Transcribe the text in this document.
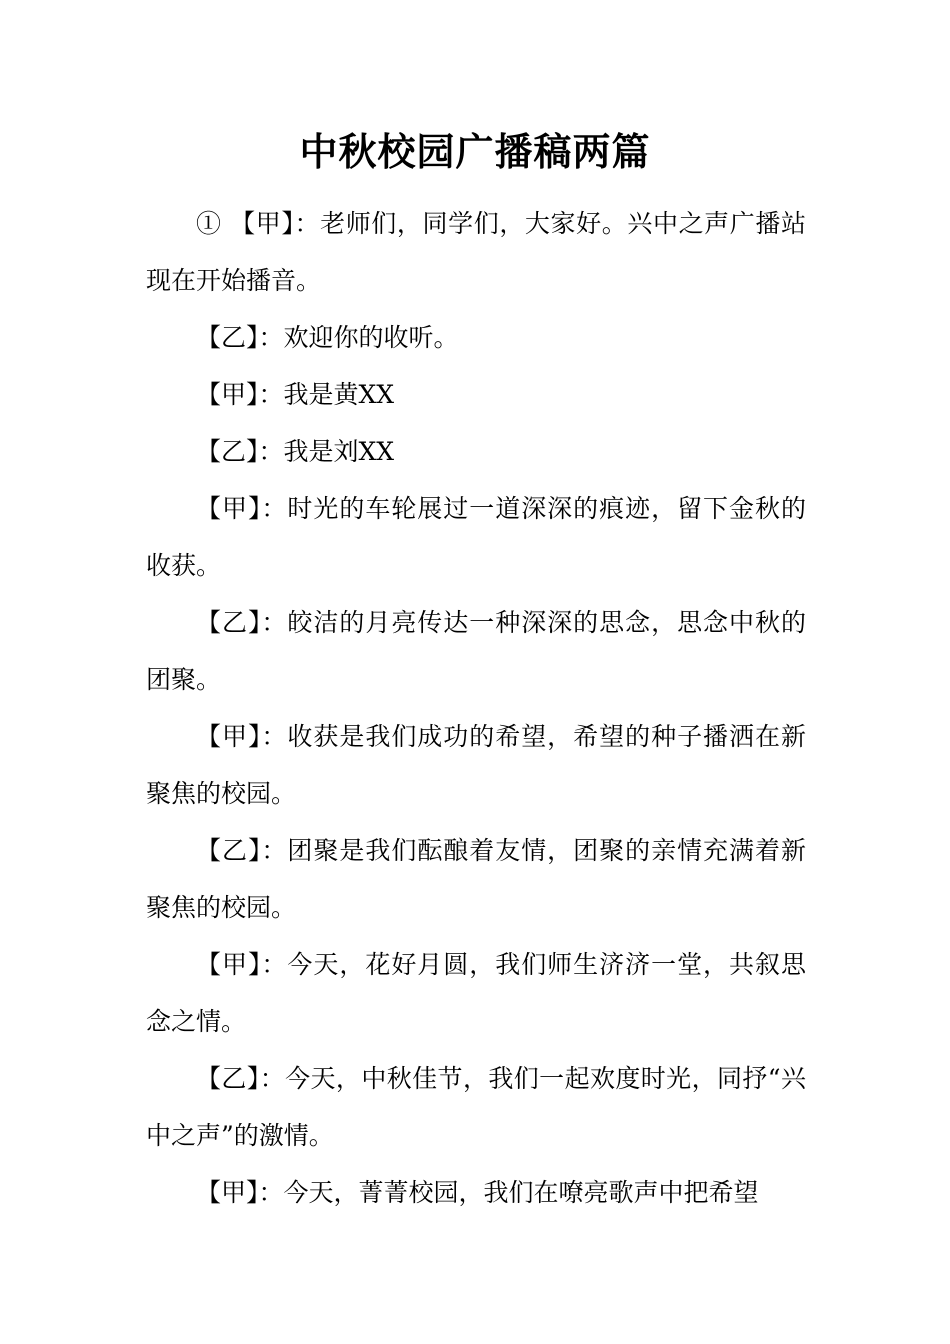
中秋校园广播稿两篇

① 【甲】：老师们，同学们，大家好。兴中之声广播站现在开始播音。

【乙】：欢迎你的收听。

【甲】：我是黄XX

【乙】：我是刘XX

【甲】：时光的车轮展过一道深深的痕迹，留下金秋的收获。

【乙】：皎洁的月亮传达一种深深的思念，思念中秋的团聚。

【甲】：收获是我们成功的希望，希望的种子播洒在新聚焦的校园。

【乙】：团聚是我们酝酿着友情，团聚的亲情充满着新聚焦的校园。

【甲】：今天，花好月圆，我们师生济济一堂，共叙思念之情。

【乙】：今天，中秋佳节，我们一起欢度时光，同抒“兴中之声”的激情。

【甲】：今天，菁菁校园，我们在嘹亮歌声中把希望
